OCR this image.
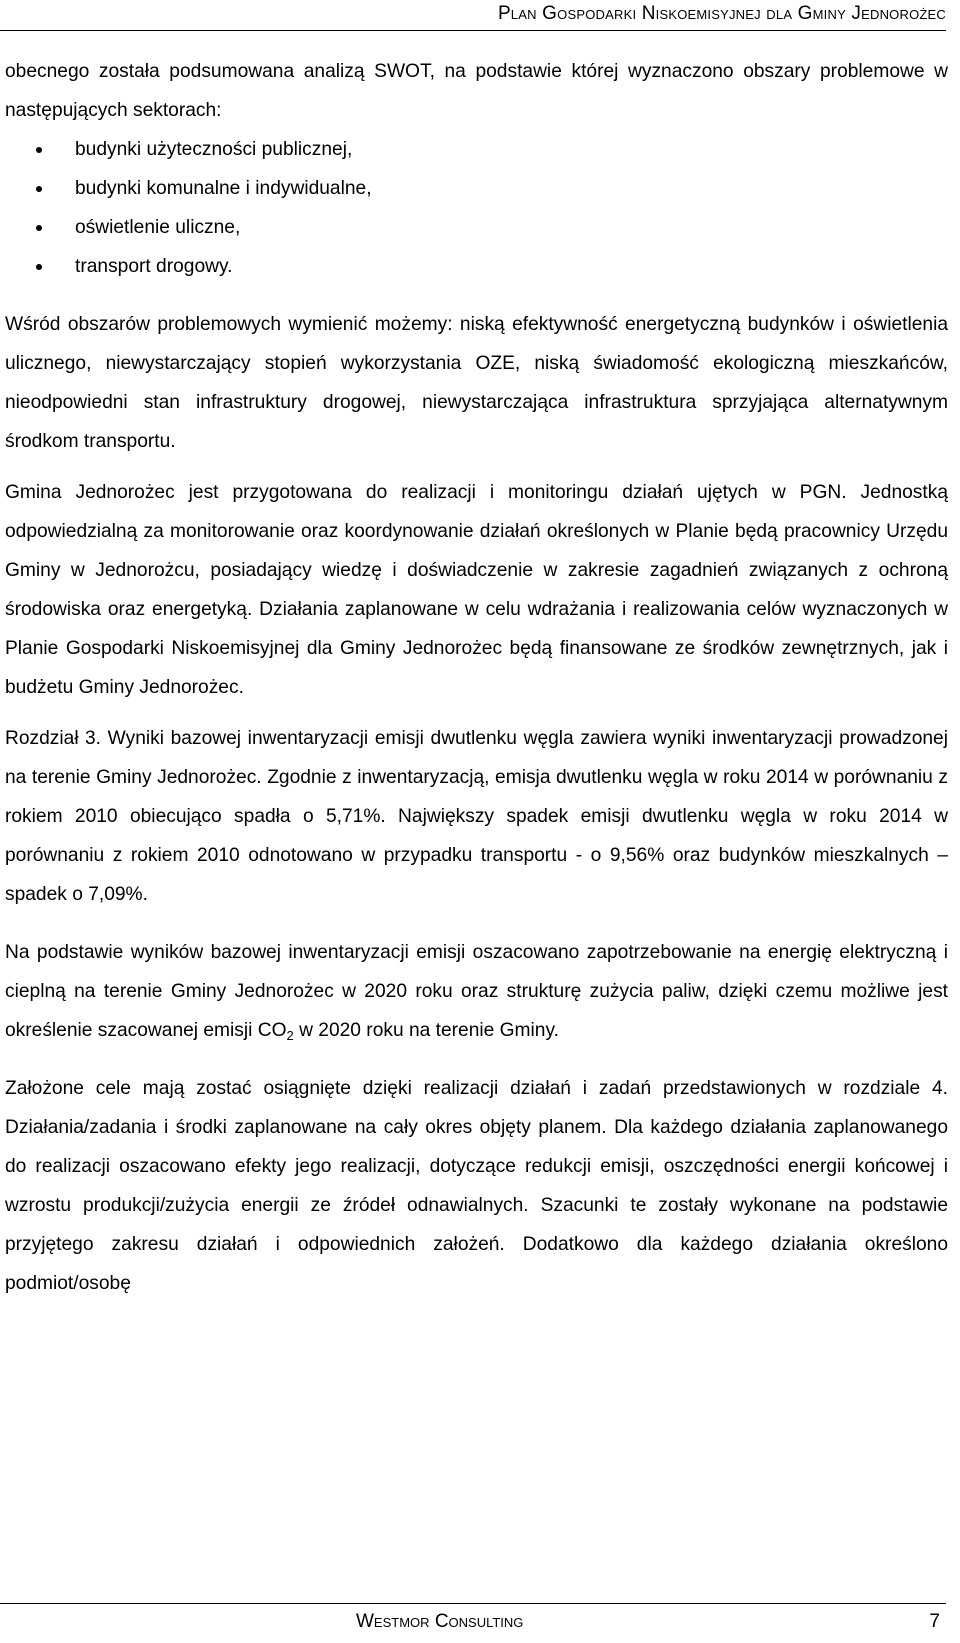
Plan Gospodarki Niskoemisyjnej dla Gminy Jednorożec

obecnego została podsumowana analizą SWOT, na podstawie której wyznaczono obszary problemowe w następujących sektorach:

budynki użyteczności publicznej,
budynki komunalne i indywidualne,
oświetlenie uliczne,
transport drogowy.

Wśród obszarów problemowych wymienić możemy: niską efektywność energetyczną budynków i oświetlenia ulicznego, niewystarczający stopień wykorzystania OZE, niską świadomość ekologiczną mieszkańców, nieodpowiedni stan infrastruktury drogowej, niewystarczająca infrastruktura sprzyjająca alternatywnym środkom transportu.

Gmina Jednorożec jest przygotowana do realizacji i monitoringu działań ujętych w PGN. Jednostką odpowiedzialną za monitorowanie oraz koordynowanie działań określonych w Planie będą pracownicy Urzędu Gminy w Jednorożcu, posiadający wiedzę i doświadczenie w zakresie zagadnień związanych z ochroną środowiska oraz energetyką. Działania zaplanowane w celu wdrażania i realizowania celów wyznaczonych w Planie Gospodarki Niskoemisyjnej dla Gminy Jednorożec będą finansowane ze środków zewnętrznych, jak i budżetu Gminy Jednorożec.

Rozdział 3. Wyniki bazowej inwentaryzacji emisji dwutlenku węgla zawiera wyniki inwentaryzacji prowadzonej na terenie Gminy Jednorożec. Zgodnie z inwentaryzacją, emisja dwutlenku węgla w roku 2014 w porównaniu z rokiem 2010 obiecująco spadła o 5,71%. Największy spadek emisji dwutlenku węgla w roku 2014 w porównaniu z rokiem 2010 odnotowano w przypadku transportu - o 9,56% oraz budynków mieszkalnych – spadek o 7,09%.

Na podstawie wyników bazowej inwentaryzacji emisji oszacowano zapotrzebowanie na energię elektryczną i cieplną na terenie Gminy Jednorożec w 2020 roku oraz strukturę zużycia paliw, dzięki czemu możliwe jest określenie szacowanej emisji $CO_2$ w 2020 roku na terenie Gminy.

Założone cele mają zostać osiągnięte dzięki realizacji działań i zadań przedstawionych w rozdziale 4. Działania/zadania i środki zaplanowane na cały okres objęty planem. Dla każdego działania zaplanowanego do realizacji oszacowano efekty jego realizacji, dotyczące redukcji emisji, oszczędności energii końcowej i wzrostu produkcji/zużycia energii ze źródeł odnawialnych. Szacunki te zostały wykonane na podstawie przyjętego zakresu działań i odpowiednich założeń. Dodatkowo dla każdego działania określono podmiot/osobę

Westmor Consulting	7
